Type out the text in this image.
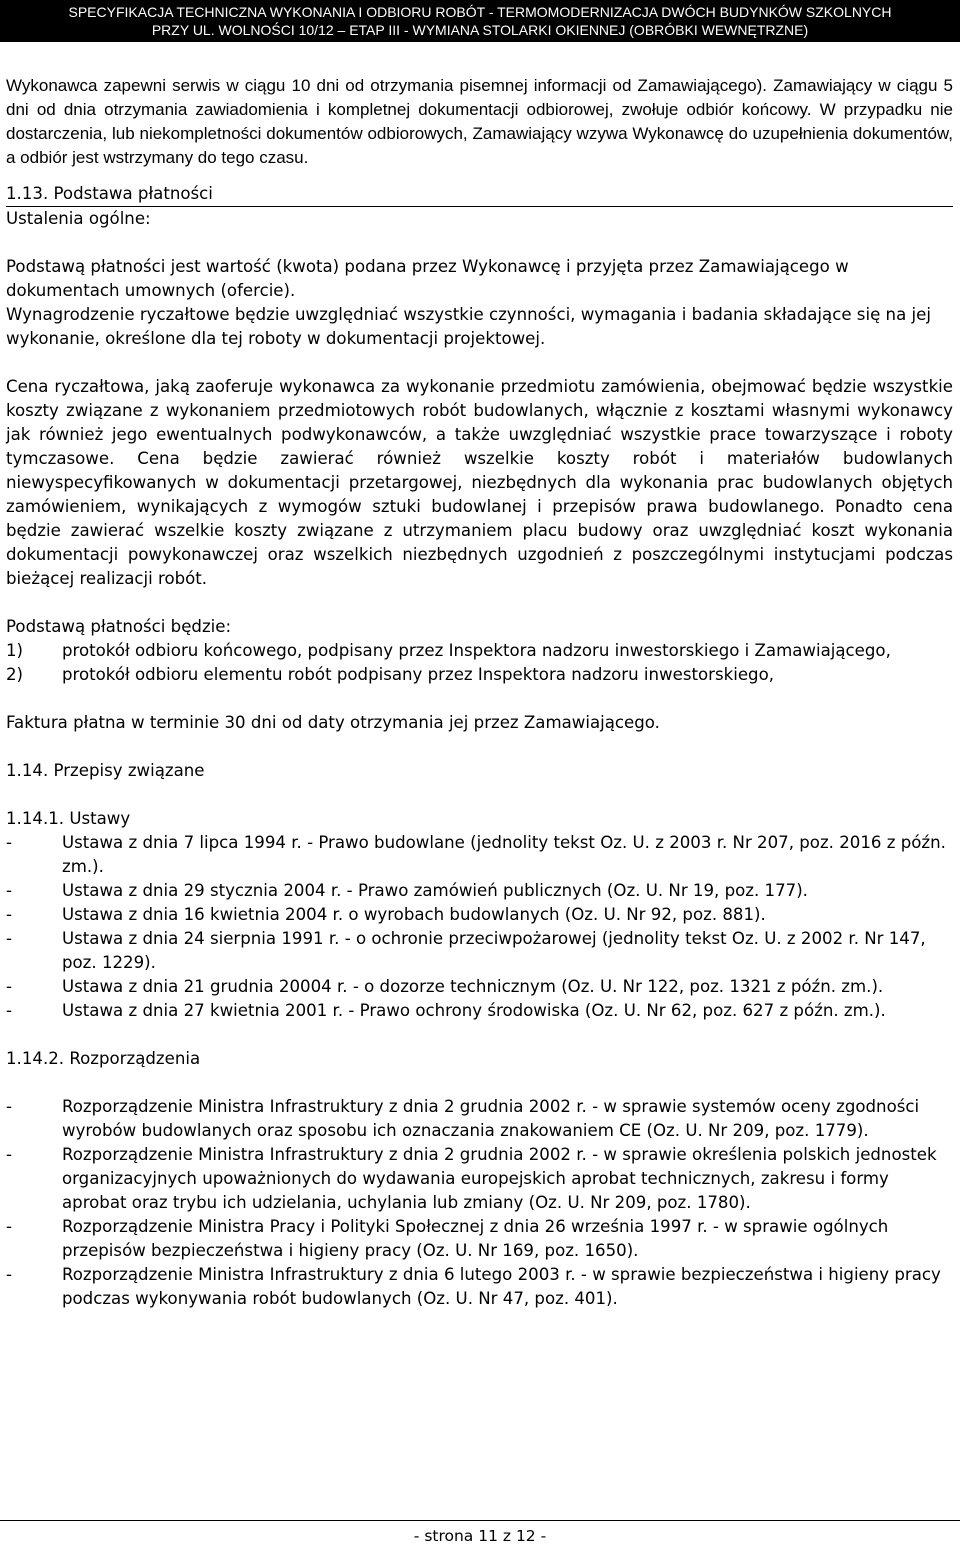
SPECYFIKACJA TECHNICZNA WYKONANIA I ODBIORU ROBÓT - TERMOMODERNIZACJA DWÓCH BUDYNKÓW SZKOLNYCH
PRZY UL. WOLNOŚCI 10/12 – ETAP III - WYMIANA STOLARKI OKIENNEJ (OBRÓBKI WEWNĘTRZNE)

Wykonawca zapewni serwis w ciągu 10 dni od otrzymania pisemnej informacji od Zamawiającego). Zamawiający w ciągu 5 dni od dnia otrzymania zawiadomienia i kompletnej dokumentacji odbiorowej, zwołuje odbiór końcowy. W przypadku nie dostarczenia, lub niekompletności dokumentów odbiorowych, Zamawiający wzywa Wykonawcę do uzupełnienia dokumentów, a odbiór jest wstrzymany do tego czasu.

1.13. Podstawa płatności

Ustalenia ogólne:

Podstawą płatności jest wartość (kwota) podana przez Wykonawcę i przyjęta przez Zamawiającego w dokumentach umownych (ofercie).

Wynagrodzenie ryczałtowe będzie uwzględniać wszystkie czynności, wymagania i badania składające się na jej wykonanie, określone dla tej roboty w dokumentacji projektowej.

Cena ryczałtowa, jaką zaoferuje wykonawca za wykonanie przedmiotu zamówienia, obejmować będzie wszystkie koszty związane z wykonaniem przedmiotowych robót budowlanych, włącznie z kosztami własnymi wykonawcy jak również jego ewentualnych podwykonawców, a także uwzględniać wszystkie prace towarzyszące i roboty tymczasowe. Cena będzie zawierać również wszelkie koszty robót i materiałów budowlanych niewyspecyfikowanych w dokumentacji przetargowej, niezbędnych dla wykonania prac budowlanych objętych zamówieniem, wynikających z wymogów sztuki budowlanej i przepisów prawa budowlanego. Ponadto cena będzie zawierać wszelkie koszty związane z utrzymaniem placu budowy oraz uwzględniać koszt wykonania dokumentacji powykonawczej oraz wszelkich niezbędnych uzgodnień z poszczególnymi instytucjami podczas bieżącej realizacji robót.

Podstawą płatności będzie:

1)	protokół odbioru końcowego, podpisany przez Inspektora nadzoru inwestorskiego i Zamawiającego,
2)	protokół odbioru elementu robót podpisany przez Inspektora nadzoru inwestorskiego,

Faktura płatna w terminie 30 dni od daty otrzymania jej przez Zamawiającego.

1.14. Przepisy związane

1.14.1. Ustawy

-	Ustawa z dnia 7 lipca 1994 r. - Prawo budowlane (jednolity tekst Oz. U. z 2003 r. Nr 207, poz. 2016 z późn. zm.).
-	Ustawa z dnia 29 stycznia 2004 r. - Prawo zamówień publicznych (Oz. U. Nr 19, poz. 177).
-	Ustawa z dnia 16 kwietnia 2004 r. o wyrobach budowlanych (Oz. U. Nr 92, poz. 881).
-	Ustawa z dnia 24 sierpnia 1991 r. - o ochronie przeciwpożarowej (jednolity tekst Oz. U. z 2002 r. Nr 147, poz. 1229).
-	Ustawa z dnia 21 grudnia 20004 r. - o dozorze technicznym (Oz. U. Nr 122, poz. 1321 z późn. zm.).
-	Ustawa z dnia 27 kwietnia 2001 r. - Prawo ochrony środowiska (Oz. U. Nr 62, poz. 627 z późn. zm.).

1.14.2. Rozporządzenia

-	Rozporządzenie Ministra Infrastruktury z dnia 2 grudnia 2002 r. - w sprawie systemów oceny zgodności wyrobów budowlanych oraz sposobu ich oznaczania znakowaniem CE (Oz. U. Nr 209, poz. 1779).
-	Rozporządzenie Ministra Infrastruktury z dnia 2 grudnia 2002 r. - w sprawie określenia polskich jednostek organizacyjnych upoważnionych do wydawania europejskich aprobat technicznych, zakresu i formy aprobat oraz trybu ich udzielania, uchylania lub zmiany (Oz. U. Nr 209, poz. 1780).
-	Rozporządzenie Ministra Pracy i Polityki Społecznej z dnia 26 września 1997 r. - w sprawie ogólnych przepisów bezpieczeństwa i higieny pracy (Oz. U. Nr 169, poz. 1650).
-	Rozporządzenie Ministra Infrastruktury z dnia 6 lutego 2003 r. - w sprawie bezpieczeństwa i higieny pracy podczas wykonywania robót budowlanych (Oz. U. Nr 47, poz. 401).
- strona 11 z 12 -
